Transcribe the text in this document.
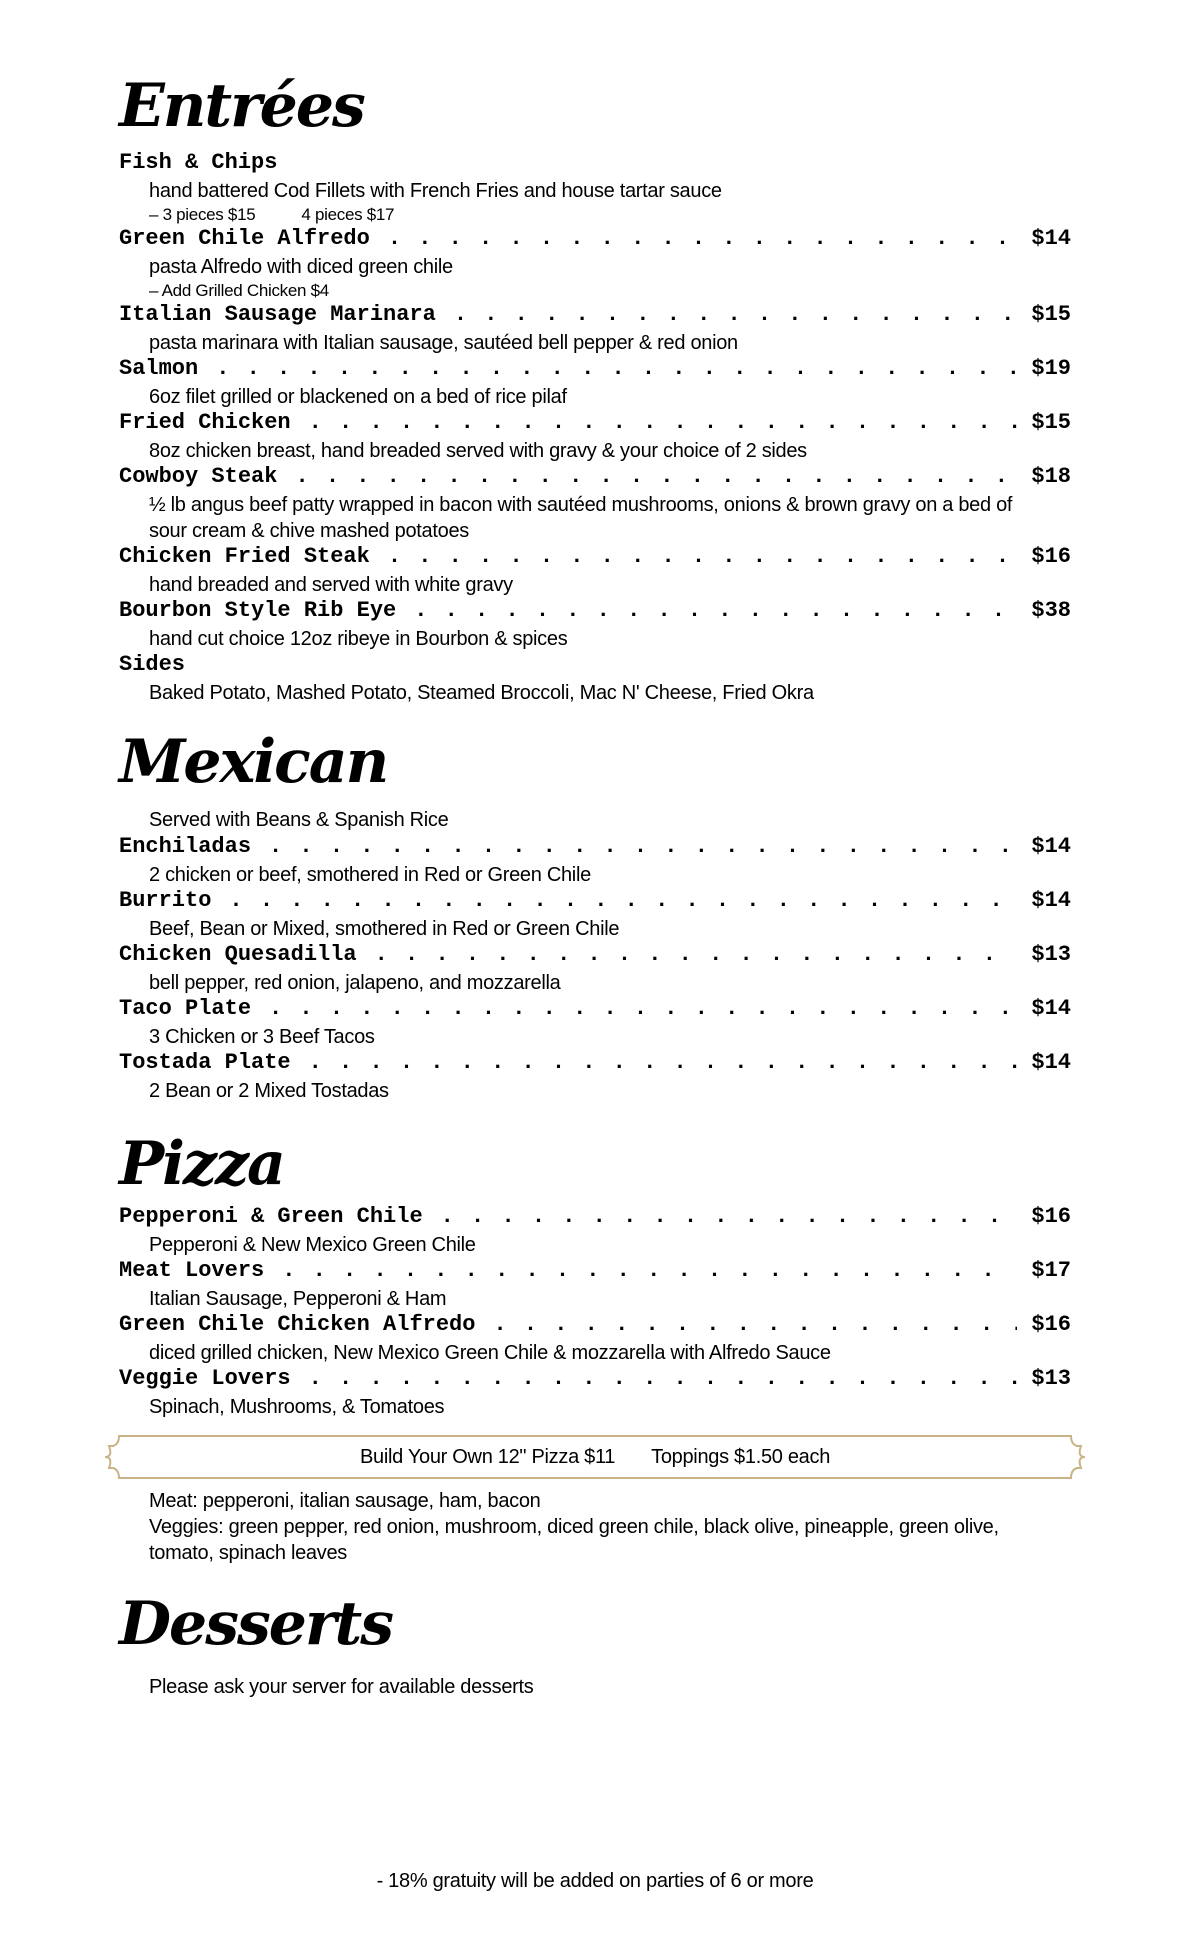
Entrées
Fish & Chips
hand battered Cod Fillets with French Fries and house tartar sauce
– 3 pieces $15	4 pieces $17
Green Chile Alfredo . . .	$14
pasta Alfredo with diced green chile
– Add Grilled Chicken $4
Italian Sausage Marinara . . .	$15
pasta marinara with Italian sausage, sautéed bell pepper & red onion
Salmon . . .	$19
6oz filet grilled or blackened on a bed of rice pilaf
Fried Chicken . . .	$15
8oz chicken breast, hand breaded served with gravy & your choice of 2 sides
Cowboy Steak . . .	$18
½ lb angus beef patty wrapped in bacon with sautéed mushrooms, onions & brown gravy on a bed of sour cream & chive mashed potatoes
Chicken Fried Steak . . .	$16
hand breaded and served with white gravy
Bourbon Style Rib Eye . . .	$38
hand cut choice 12oz ribeye in Bourbon & spices
Sides
Baked Potato, Mashed Potato, Steamed Broccoli, Mac N' Cheese, Fried Okra
Mexican
Served with Beans & Spanish Rice
Enchiladas . . .	$14
2 chicken or beef, smothered in Red or Green Chile
Burrito . . .	$14
Beef, Bean or Mixed, smothered in Red or Green Chile
Chicken Quesadilla . . .	$13
bell pepper, red onion, jalapeno, and mozzarella
Taco Plate . . .	$14
3 Chicken or 3 Beef Tacos
Tostada Plate . . .	$14
2 Bean or 2 Mixed Tostadas
Pizza
Pepperoni & Green Chile . . .	$16
Pepperoni & New Mexico Green Chile
Meat Lovers . . .	$17
Italian Sausage, Pepperoni & Ham
Green Chile Chicken Alfredo . . .	$16
diced grilled chicken, New Mexico Green Chile & mozzarella with Alfredo Sauce
Veggie Lovers . . .	$13
Spinach, Mushrooms, & Tomatoes
Build Your Own 12" Pizza $11 Toppings $1.50 each
Meat: pepperoni, italian sausage, ham, bacon
Veggies: green pepper, red onion, mushroom, diced green chile, black olive, pineapple, green olive, tomato, spinach leaves
Desserts
Please ask your server for available desserts
- 18% gratuity will be added on parties of 6 or more
